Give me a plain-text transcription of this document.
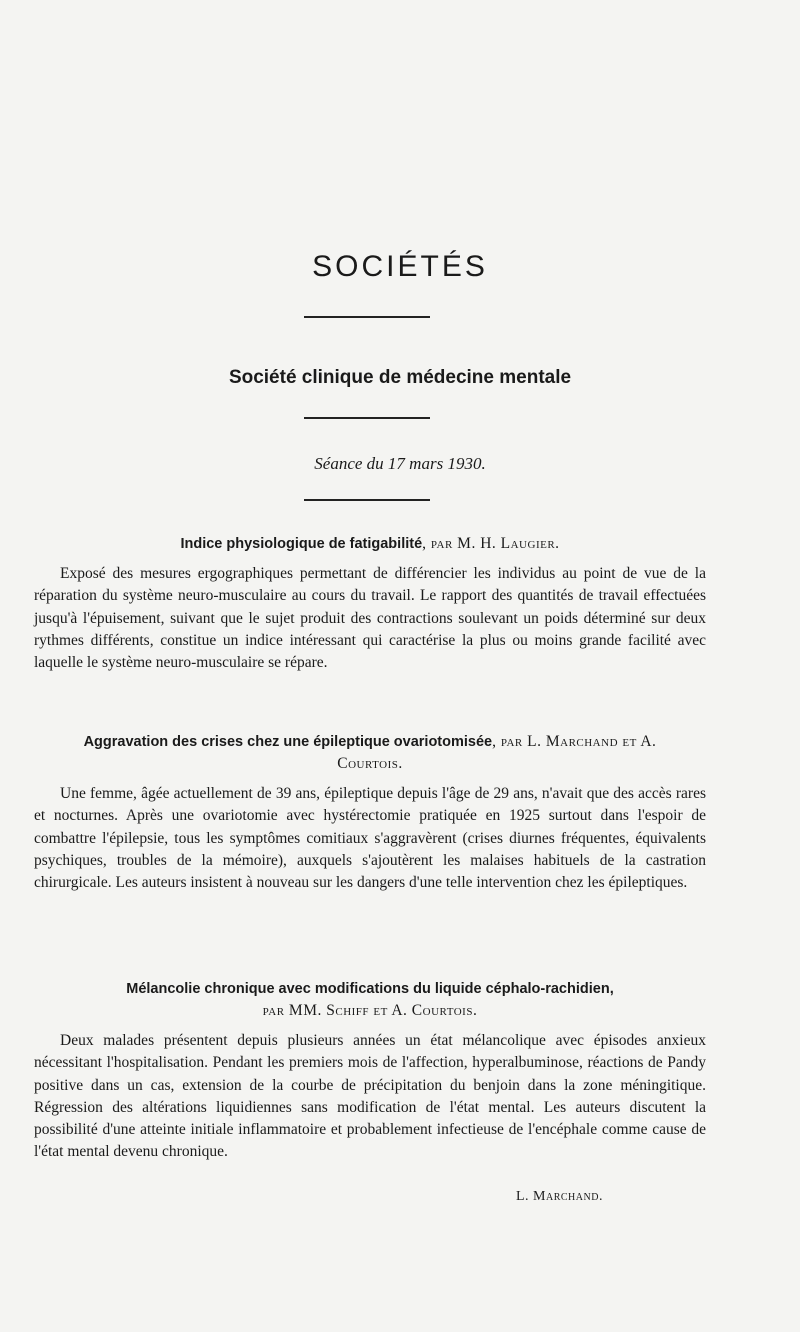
SOCIÉTÉS
Société clinique de médecine mentale
Séance du 17 mars 1930.
Indice physiologique de fatigabilité, par M. H. Laugier.

Exposé des mesures ergographiques permettant de différencier les individus au point de vue de la réparation du système neuro-musculaire au cours du travail. Le rapport des quantités de travail effectuées jusqu'à l'épuisement, suivant que le sujet produit des contractions soulevant un poids déterminé sur deux rythmes différents, constitue un indice intéressant qui caractérise la plus ou moins grande facilité avec laquelle le système neuro-musculaire se répare.

Aggravation des crises chez une épileptique ovariotomisée, par L. Marchand et A. Courtois.

Une femme, âgée actuellement de 39 ans, épileptique depuis l'âge de 29 ans, n'avait que des accès rares et nocturnes. Après une ovariotomie avec hystérectomie pratiquée en 1925 surtout dans l'espoir de combattre l'épilepsie, tous les symptômes comitiaux s'aggravèrent (crises diurnes fréquentes, équivalents psychiques, troubles de la mémoire), auxquels s'ajoutèrent les malaises habituels de la castration chirurgicale. Les auteurs insistent à nouveau sur les dangers d'une telle intervention chez les épileptiques.

Mélancolie chronique avec modifications du liquide céphalo-rachidien,
par MM. Schiff et A. Courtois.

Deux malades présentent depuis plusieurs années un état mélancolique avec épisodes anxieux nécessitant l'hospitalisation. Pendant les premiers mois de l'affection, hyperalbuminose, réactions de Pandy positive dans un cas, extension de la courbe de précipitation du benjoin dans la zone méningitique. Régression des altérations liquidiennes sans modification de l'état mental. Les auteurs discutent la possibilité d'une atteinte initiale inflammatoire et probablement infectieuse de l'encéphale comme cause de l'état mental devenu chronique.

L. Marchand.
